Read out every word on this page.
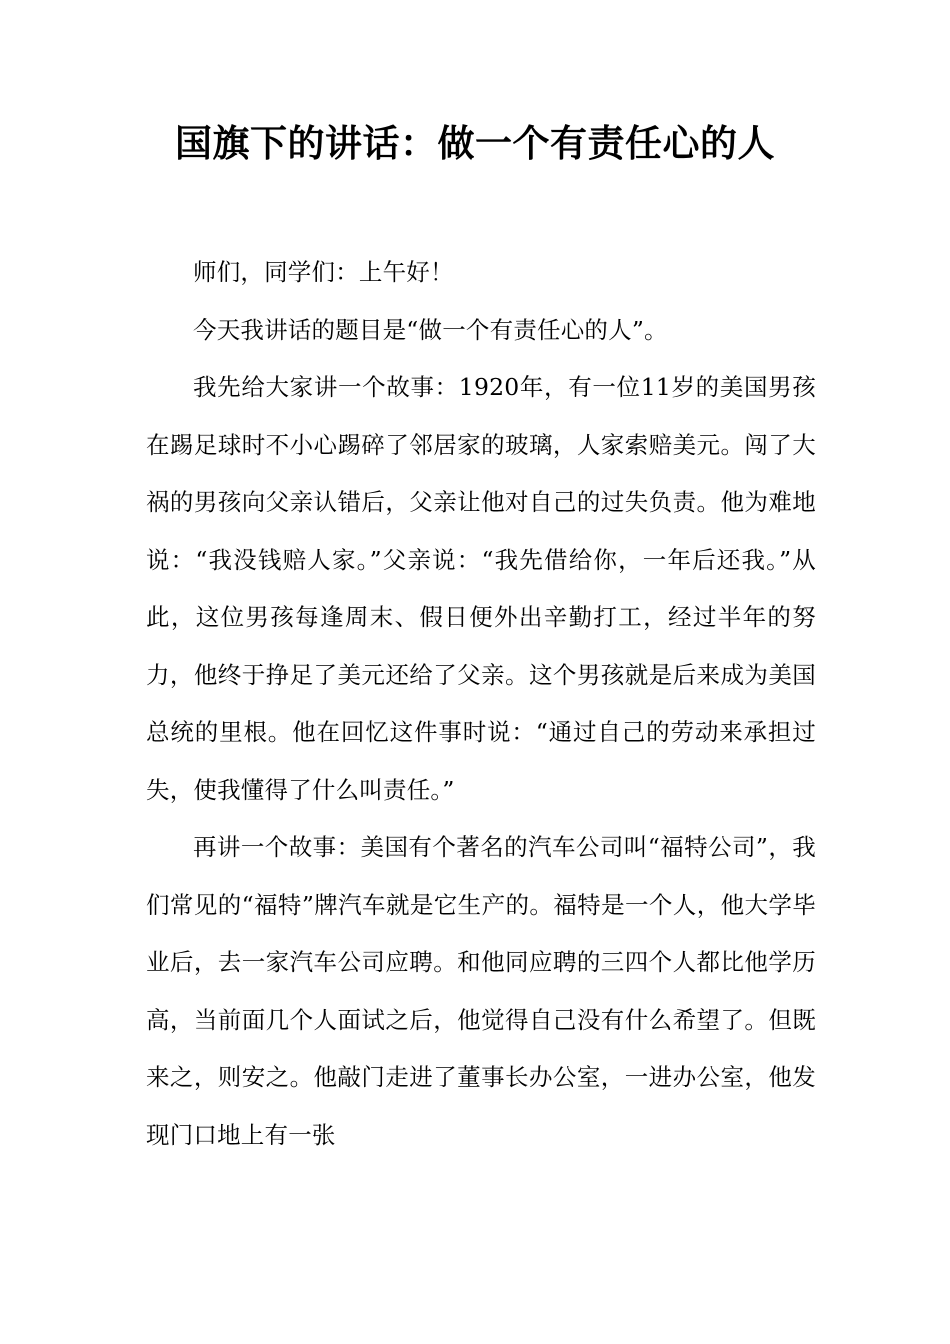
国旗下的讲话：做一个有责任心的人

师们，同学们：上午好！

今天我讲话的题目是“做一个有责任心的人”。

我先给大家讲一个故事：1920年，有一位11岁的美国男孩在踢足球时不小心踢碎了邻居家的玻璃，人家索赔美元。闯了大祸的男孩向父亲认错后，父亲让他对自己的过失负责。他为难地说：“我没钱赔人家。”父亲说：“我先借给你，一年后还我。”从此，这位男孩每逢周末、假日便外出辛勤打工，经过半年的努力，他终于挣足了美元还给了父亲。这个男孩就是后来成为美国总统的里根。他在回忆这件事时说：“通过自己的劳动来承担过失，使我懂得了什么叫责任。”

再讲一个故事：美国有个著名的汽车公司叫“福特公司”，我们常见的“福特”牌汽车就是它生产的。福特是一个人，他大学毕业后，去一家汽车公司应聘。和他同应聘的三四个人都比他学历高，当前面几个人面试之后，他觉得自己没有什么希望了。但既来之，则安之。他敲门走进了董事长办公室，一进办公室，他发现门口地上有一张
